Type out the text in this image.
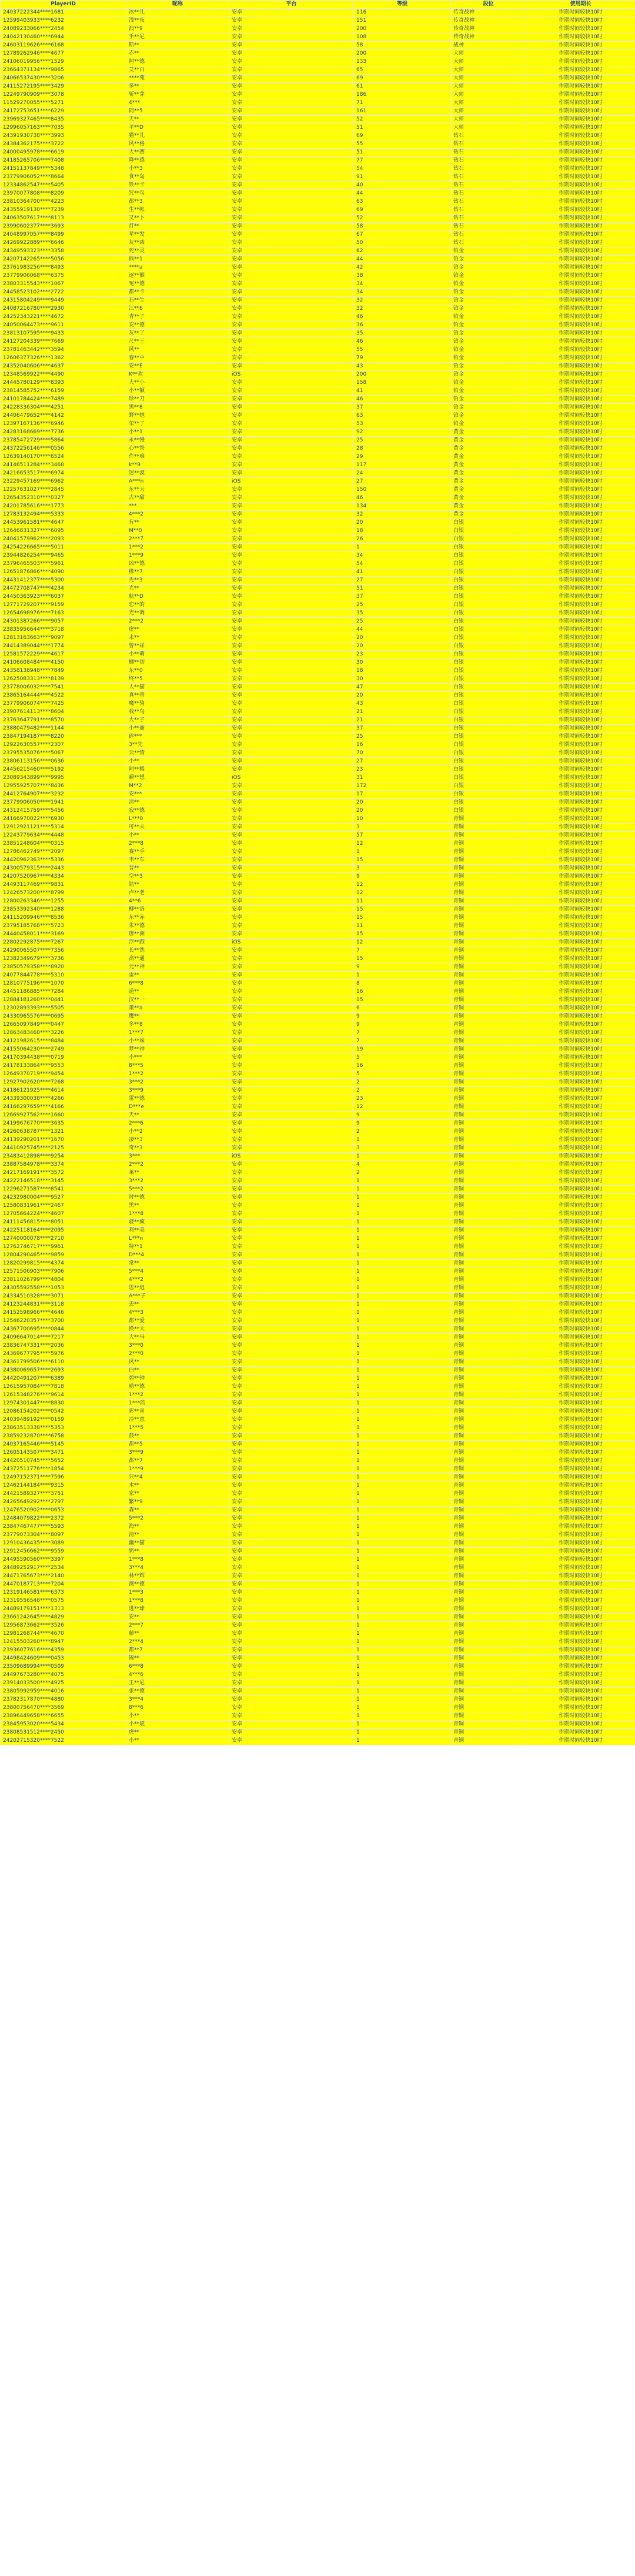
PlayerID	昵称	平台	等级	段位	使用期长
24037222344****1681	冰**儿	安卓	116	传奇战神	作期时间较快10时
12599403933****6232	浅**夜	安卓	151	传奇战神	作期时间较快10时
24089233066****2454	浪**9	安卓	200	传奇战神	作期时间较快10时
24042130460****6944	手**尼	安卓	108	传奇战神	作期时间较快10时
24603119626****6168	斯**	安卓	58	战神	作期时间较快10时
12789262946****4677	赤**	安卓	200	大师	作期时间较快10时
24106019956****1529	阿**德	安卓	133	大师	作期时间较快10时
23664371134****9865	艾**白	安卓	65	大师	作期时间较快10时
24066537430****3206	****苑	安卓	69	大师	作期时间较快10时
24115272195****3429	多**	安卓	61	大师	作期时间较快10时
12249790909****3078	斩**芽	安卓	186	大师	作期时间较快10时
11529270055****5271	4***	安卓	71	大师	作期时间较快10时
24172753651****6229	同**5	安卓	161	大师	作期时间较快10时
23969327465****8435	天**	安卓	52	大师	作期时间较快10时
12996057163****7035	平**D	安卓	51	大师	作期时间较快10时
24391930738****3993	猫**儿	安卓	69	钻石	作期时间较快10时
24384362175****3722	风**格	安卓	55	钻石	作期时间较快10时
24000495978****6619	大**赛	安卓	51	钻石	作期时间较快10时
24185265706****7408	降**感	安卓	77	钻石	作期时间较快10时
24151137849****5348	小**3	安卓	54	钻石	作期时间较快10时
23779906052****8664	食**岛	安卓	91	钻石	作期时间较快10时
12334862547****5405	铁**卡	安卓	40	钻石	作期时间较快10时
23970077808****8209	咒**鸟	安卓	44	钻石	作期时间较快10时
23810364700****4223	都**3	安卓	63	钻石	作期时间较快10时
24355919130****7239	生**帐	安卓	69	钻石	作期时间较快10时
24063507617****8113	又**卜	安卓	52	钻石	作期时间较快10时
23990602377****3693	灯**	安卓	58	钻石	作期时间较快10时
24048997057****8499	星**发	安卓	67	钻石	作期时间较快10时
24269922889****6646	灰**凶	安卓	50	钻石	作期时间较快10时
24349593323****3358	死**灵	安卓	62	铂金	作期时间较快10时
24207142265****5056	熊**1	安卓	44	铂金	作期时间较快10时
23761983256****8493	****a	安卓	42	铂金	作期时间较快10时
23779906068****6375	逐**猴	安卓	38	铂金	作期时间较快10时
23803315543****1067	冤**德	安卓	34	铂金	作期时间较快10时
24458523102****2722	都**卡	安卓	34	铂金	作期时间较快10时
24315804249****9449	石**生	安卓	32	铂金	作期时间较快10时
24087216780****2930	江**6	安卓	32	铂金	作期时间较快10时
24252343221****4672	青**子	安卓	46	铂金	作期时间较快10时
24050064473****9611	安**德	安卓	36	铂金	作期时间较快10时
23813107595****9433	灰**了	安卓	35	铂金	作期时间较快10时
24127204339****7669	尺**王	安卓	46	铂金	作期时间较快10时
23781463442****3594	风**	安卓	55	铂金	作期时间较快10时
12606377326****1362	春**中	安卓	79	铂金	作期时间较快10时
24352040606****4637	安**E	安卓	43	铂金	作期时间较快10时
12348569922****4490	K**欢	iOS	200	铂金	作期时间较快10时
24445780129****8393	大**小	安卓	158	铂金	作期时间较快10时
23814585752****6159	小**额	安卓	41	铂金	作期时间较快10时
24101784424****7489	珍**刀	安卓	46	铂金	作期时间较快10时
24228336304****4251	黑**8	安卓	37	铂金	作期时间较快10时
24406479652****4142	野**她	安卓	63	铂金	作期时间较快10时
12397167136****6946	荣**了	安卓	53	铂金	作期时间较快10时
24283168669****7736	小**1	安卓	92	黄金	作期时间较快10时
23785472729****5864	永**慢	安卓	25	黄金	作期时间较快10时
24372256146****0556	心**祭	安卓	28	黄金	作期时间较快10时
12639140170****6524	作**难	安卓	29	黄金	作期时间较快10时
24146511284****3468	k**9	安卓	117	黄金	作期时间较快10时
24216653517****6974	迷**漠	安卓	24	黄金	作期时间较快10时
23229457169****6962	A***n	iOS	27	黄金	作期时间较快10时
12257631027****2845	东**天	安卓	150	黄金	作期时间较快10时
12654352310****0327	古**甜	安卓	46	黄金	作期时间较快10时
24201785616****1773	***	安卓	134	黄金	作期时间较快10时
12783132494****5333	4***2	安卓	32	黄金	作期时间较快10时
24453961581****4647	有**	安卓	20	白银	作期时间较快10时
12646831327****6095	M**0	安卓	18	白银	作期时间较快10时
24041579962****2093	2***7	安卓	26	白银	作期时间较快10时
24254226665****5011	1***2	安卓	1	白银	作期时间较快10时
23944826254****9465	1***9	安卓	34	白银	作期时间较快10时
23796465503****5961	凶**德	安卓	54	白银	作期时间较快10时
12651876866****4090	橡**7	安卓	41	白银	作期时间较快10时
24431412377****5300	先**3	安卓	27	白银	作期时间较快10时
24472708747****4234	光**	安卓	51	白银	作期时间较快10时
24450363923****6037	航**D	安卓	37	白银	作期时间较快10时
12771729207****9159	恋**的	安卓	25	白银	作期时间较快10时
12654698976****7163	光**调	安卓	35	白银	作期时间较快10时
24301387266****9057	2***2	安卓	25	白银	作期时间较快10时
23835956644****3718	虚**	安卓	44	白银	作期时间较快10时
12813163663****9097	未**	安卓	20	白银	作期时间较快10时
24414389044****1774	曾**祥	安卓	20	白银	作期时间较快10时
12581572229****4617	小**萌	安卓	23	白银	作期时间较快10时
24106608484****4150	橘**切	安卓	30	白银	作期时间较快10时
24358138948****7849	东**0	安卓	18	白银	作期时间较快10时
12625083313****8139	终**5	安卓	30	白银	作期时间较快10时
23778006032****7541	人**猫	安卓	47	白银	作期时间较快10时
23865164444****4522	真**蒂	安卓	20	白银	作期时间较快10时
23779906074****7425	魔**骑	安卓	43	白银	作期时间较快10时
23907614113****8604	我**鸟	安卓	21	白银	作期时间较快10时
23763647791****8570	大**子	安卓	21	白银	作期时间较快10时
23880479482****1144	小**丽	安卓	37	白银	作期时间较快10时
23847194187****8220	碎***	安卓	25	白银	作期时间较快10时
12922630557****2307	3**先	安卓	16	白银	作期时间较快10时
23795535076****5067	云**情	安卓	70	白银	作期时间较快10时
23806113156****0636	小**	安卓	27	白银	作期时间较快10时
24456215460****5192	阿**稀	安卓	23	白银	作期时间较快10时
23089343899****9995	瞬**想	iOS	31	白银	作期时间较快10时
12955925707****8436	M**2	安卓	172	白银	作期时间较快10时
24412764907****3232	安***	安卓	17	白银	作期时间较快10时
23779906050****1941	清**	安卓	20	白银	作期时间较快10时
24312415759****5456	寂**德	安卓	20	白银	作期时间较快10时
24166970022****6930	L***0	安卓	10	青铜	作期时间较快10时
12912921121****5314	可**夫	安卓	3	青铜	作期时间较快10时
12243779634****4448	小**	安卓	57	青铜	作期时间较快10时
23851248604****0315	2***8	安卓	12	青铜	作期时间较快10时
12786462749****2097	赛**手	安卓	1	青铜	作期时间较快10时
24420962363****5336	韦**车	安卓	15	青铜	作期时间较快10时
24300579315****2443	晋**	安卓	3	青铜	作期时间较快10时
24207520967****4334	空**3	安卓	9	青铜	作期时间较快10时
24493117469****9831	陆**	安卓	12	青铜	作期时间较快10时
12426573200****8799	卢**老	安卓	12	青铜	作期时间较快10时
12800263346****1255	4**6	安卓	11	青铜	作期时间较快10时
23853392340****1288	柳**洛	安卓	15	青铜	作期时间较快10时
24115209946****8536	东**赤	安卓	15	青铜	作期时间较快10时
23795185768****5723	朱**德	安卓	11	青铜	作期时间较快10时
24440458011****3169	唐**洲	安卓	15	青铜	作期时间较快10时
22802292875****7267	浮**跑	iOS	12	青铜	作期时间较快10时
24290065507****7356	长**洗	安卓	7	青铜	作期时间较快10时
12382349679****3736	高**通	安卓	15	青铜	作期时间较快10时
23850579358****8920	元**神	安卓	9	青铜	作期时间较快10时
24077844778****5310	雷**	安卓	1	青铜	作期时间较快10时
12810775196****1070	6***8	安卓	8	青铜	作期时间较快10时
24451186885****7284	道**	安卓	16	青铜	作期时间较快10时
12884181260****0441	汉**一	安卓	15	青铜	作期时间较快10时
12302893393****5505	萧**a	安卓	6	青铜	作期时间较快10时
24330965576****0695	鹰**	安卓	9	青铜	作期时间较快10时
12665097849****0447	多**8	安卓	9	青铜	作期时间较快10时
12863483468****3226	1***7	安卓	7	青铜	作期时间较快10时
24121982615****8484	小**妹	安卓	7	青铜	作期时间较快10时
24155064230****2749	梦**神	安卓	19	青铜	作期时间较快10时
24170394438****0719	小***	安卓	5	青铜	作期时间较快10时
24178133864****9553	8***5	安卓	16	青铜	作期时间较快10时
12649370719****9454	1***2	安卓	5	青铜	作期时间较快10时
12927902620****7268	3***2	安卓	2	青铜	作期时间较快10时
24186121925****4614	3***9	安卓	2	青铜	作期时间较快10时
24339300038****4266	雷**德	安卓	23	青铜	作期时间较快10时
24166297659****4166	D***e	安卓	12	青铜	作期时间较快10时
12669927562****1660	天**	安卓	9	青铜	作期时间较快10时
24199676770****3635	2***6	安卓	9	青铜	作期时间较快10时
24260638787****1321	小**2	安卓	2	青铜	作期时间较快10时
24139290201****1670	凄**3	安卓	1	青铜	作期时间较快10时
24410925745****2125	奇**3	安卓	3	青铜	作期时间较快10时
23483412898****9254	3***	iOS	1	青铜	作期时间较快10时
23887584978****3374	2***2	安卓	4	青铜	作期时间较快10时
24217169191****3572	莱**	安卓	2	青铜	作期时间较快10时
24222146518****3145	3***2	安卓	1	青铜	作期时间较快10时
12296271587****8541	5***2	安卓	1	青铜	作期时间较快10时
24232980004****9527	时**德	安卓	1	青铜	作期时间较快10时
12580831961****2467	黑**	安卓	1	青铜	作期时间较快10时
12705664224****4607	1***8	安卓	1	青铜	作期时间较快10时
24111456815****8051	骁**疯	安卓	1	青铜	作期时间较快10时
24225118164****2095	利**美	安卓	1	青铜	作期时间较快10时
12740000078****2710	L***n	安卓	1	青铜	作期时间较快10时
12762746717****9961	特**1	安卓	1	青铜	作期时间较快10时
12804290465****9859	D***4	安卓	1	青铜	作期时间较快10时
12820299815****4374	常**	安卓	1	青铜	作期时间较快10时
12571506903****7906	5***4	安卓	1	青铜	作期时间较快10时
23811026799****4804	4***2	安卓	1	青铜	作期时间较快10时
24305592558****1053	思**迟	安卓	1	青铜	作期时间较快10时
24334510328****3071	A***子	安卓	1	青铜	作期时间较快10时
24123244831****3118	丢**	安卓	1	青铜	作期时间较快10时
24152598966****4646	4***3	安卓	1	青铜	作期时间较快10时
12546220357****3700	都**爱	安卓	1	青铜	作期时间较快10时
24367700695****0844	换**大	安卓	1	青铜	作期时间较快10时
24096647014****7217	大**马	安卓	1	青铜	作期时间较快10时
23836747331****2036	3***0	安卓	1	青铜	作期时间较快10时
24369677795****5976	2***0	安卓	1	青铜	作期时间较快10时
24361799506****6110	风**	安卓	1	青铜	作期时间较快10时
24380069657****2693	白**	安卓	1	青铜	作期时间较快10时
24420491207****6389	碧**钟	安卓	1	青铜	作期时间较快10时
12615957084****7818	崂**德	安卓	1	青铜	作期时间较快10时
12615348276****9614	1***2	安卓	1	青铜	作期时间较快10时
12974301447****8830	1***韵	安卓	1	青铜	作期时间较快10时
12086154202****0542	彩**喜	安卓	1	青铜	作期时间较快10时
24039489192****0159	冷**意	安卓	1	青铜	作期时间较快10时
23863513338****5353	1***5	安卓	1	青铜	作期时间较快10时
23859232870****6758	鼓**	安卓	1	青铜	作期时间较快10时
24037165446****5145	都**5	安卓	1	青铜	作期时间较快10时
12605143507****3471	3***9	安卓	1	青铜	作期时间较快10时
24420510745****5652	都**7	安卓	1	青铜	作期时间较快10时
24372511776****1854	1***9	安卓	1	青铜	作期时间较快10时
12497152371****7596	只**4	安卓	1	青铜	作期时间较快10时
12462144184****9315	木**	安卓	1	青铜	作期时间较快10时
24421589327****3751	家**	安卓	1	青铜	作期时间较快10时
24265649292****2797	繁**9	安卓	1	青铜	作期时间较快10时
12476520902****0653	森**	安卓	1	青铜	作期时间较快10时
12484079822****2372	5***2	安卓	1	青铜	作期时间较快10时
23847467477****5593	海**	安卓	1	青铜	作期时间较快10时
23779073304****8097	清**	安卓	1	青铜	作期时间较快10时
12910436435****3089	幽**猫	安卓	1	青铜	作期时间较快10时
12912456662****9559	奶**	安卓	1	青铜	作期时间较快10时
24495590560****3397	1***8	安卓	1	青铜	作期时间较快10时
24489252917****2534	3***4	安卓	1	青铜	作期时间较快10时
24471765673****2140	林**辉	安卓	1	青铜	作期时间较快10时
24470187713****7204	澳**德	安卓	1	青铜	作期时间较快10时
12319146581****6373	1***3	安卓	1	青铜	作期时间较快10时
12319556548****0575	1***8	安卓	1	青铜	作期时间较快10时
24489179151****1313	进**球	安卓	1	青铜	作期时间较快10时
23661242645****4829	安**	安卓	1	青铜	作期时间较快10时
12956873662****3526	2***7	安卓	1	青铜	作期时间较快10时
12981268744****4670	藤**	安卓	1	青铜	作期时间较快10时
12415503260****8947	2***4	安卓	1	青铜	作期时间较快10时
23936077616****4359	都**7	安卓	1	青铜	作期时间较快10时
24498424609****0453	锦**	安卓	1	青铜	作期时间较快10时
23509689994****0509	6***8	安卓	1	青铜	作期时间较快10时
24497673280****4075	4***6	安卓	1	青铜	作期时间较快10时
23914033500****4925	王**尼	安卓	1	青铜	作期时间较快10时
23805992959****4016	张**德	安卓	1	青铜	作期时间较快10时
23782317870****4880	3***4	安卓	1	青铜	作期时间较快10时
23800756470****3569	8***6	安卓	1	青铜	作期时间较快10时
23896449658****6655	小**	安卓	1	青铜	作期时间较快10时
23845953020****5434	小**斌	安卓	1	青铜	作期时间较快10时
23808531512****2450	虎**	安卓	1	青铜	作期时间较快10时
24202715320****7522	小**	安卓	1	青铜	作期时间较快10时
